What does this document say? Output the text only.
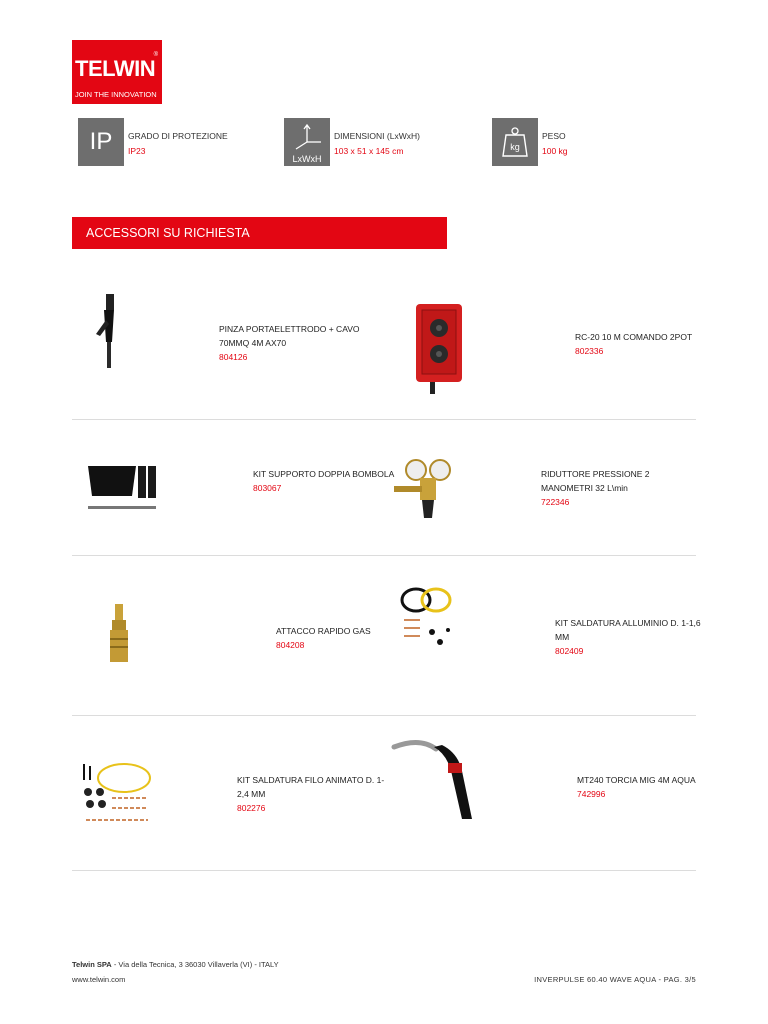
TELWIN
®
JOIN THE INNOVATION
IP GRADO DI PROTEZIONE
IP23
LxWxH
DIMENSIONI (LxWxH)
103 x 51 x 145 cm	kg
PESO
100 kg
ACCESSORI SU RICHIESTA
PINZA PORTAELETTRODO + CAVO 70MMQ 4M AX70
804126
RC-20 10 M COMANDO 2POT
802336
KIT SUPPORTO DOPPIA BOMBOLA
803067
RIDUTTORE PRESSIONE 2 MANOMETRI 32 L\min
722346
ATTACCO RAPIDO GAS
804208
KIT SALDATURA ALLUMINIO D. 1-1,6 MM
802409
KIT SALDATURA FILO ANIMATO D. 1-2,4 MM
802276
MT240 TORCIA MIG 4M AQUA
742996
Telwin SPA - Via della Tecnica, 3 36030 Villaverla (VI) - ITALY
www.telwin.com	INVERPULSE 60.40 WAVE AQUA - PAG. 3/5
